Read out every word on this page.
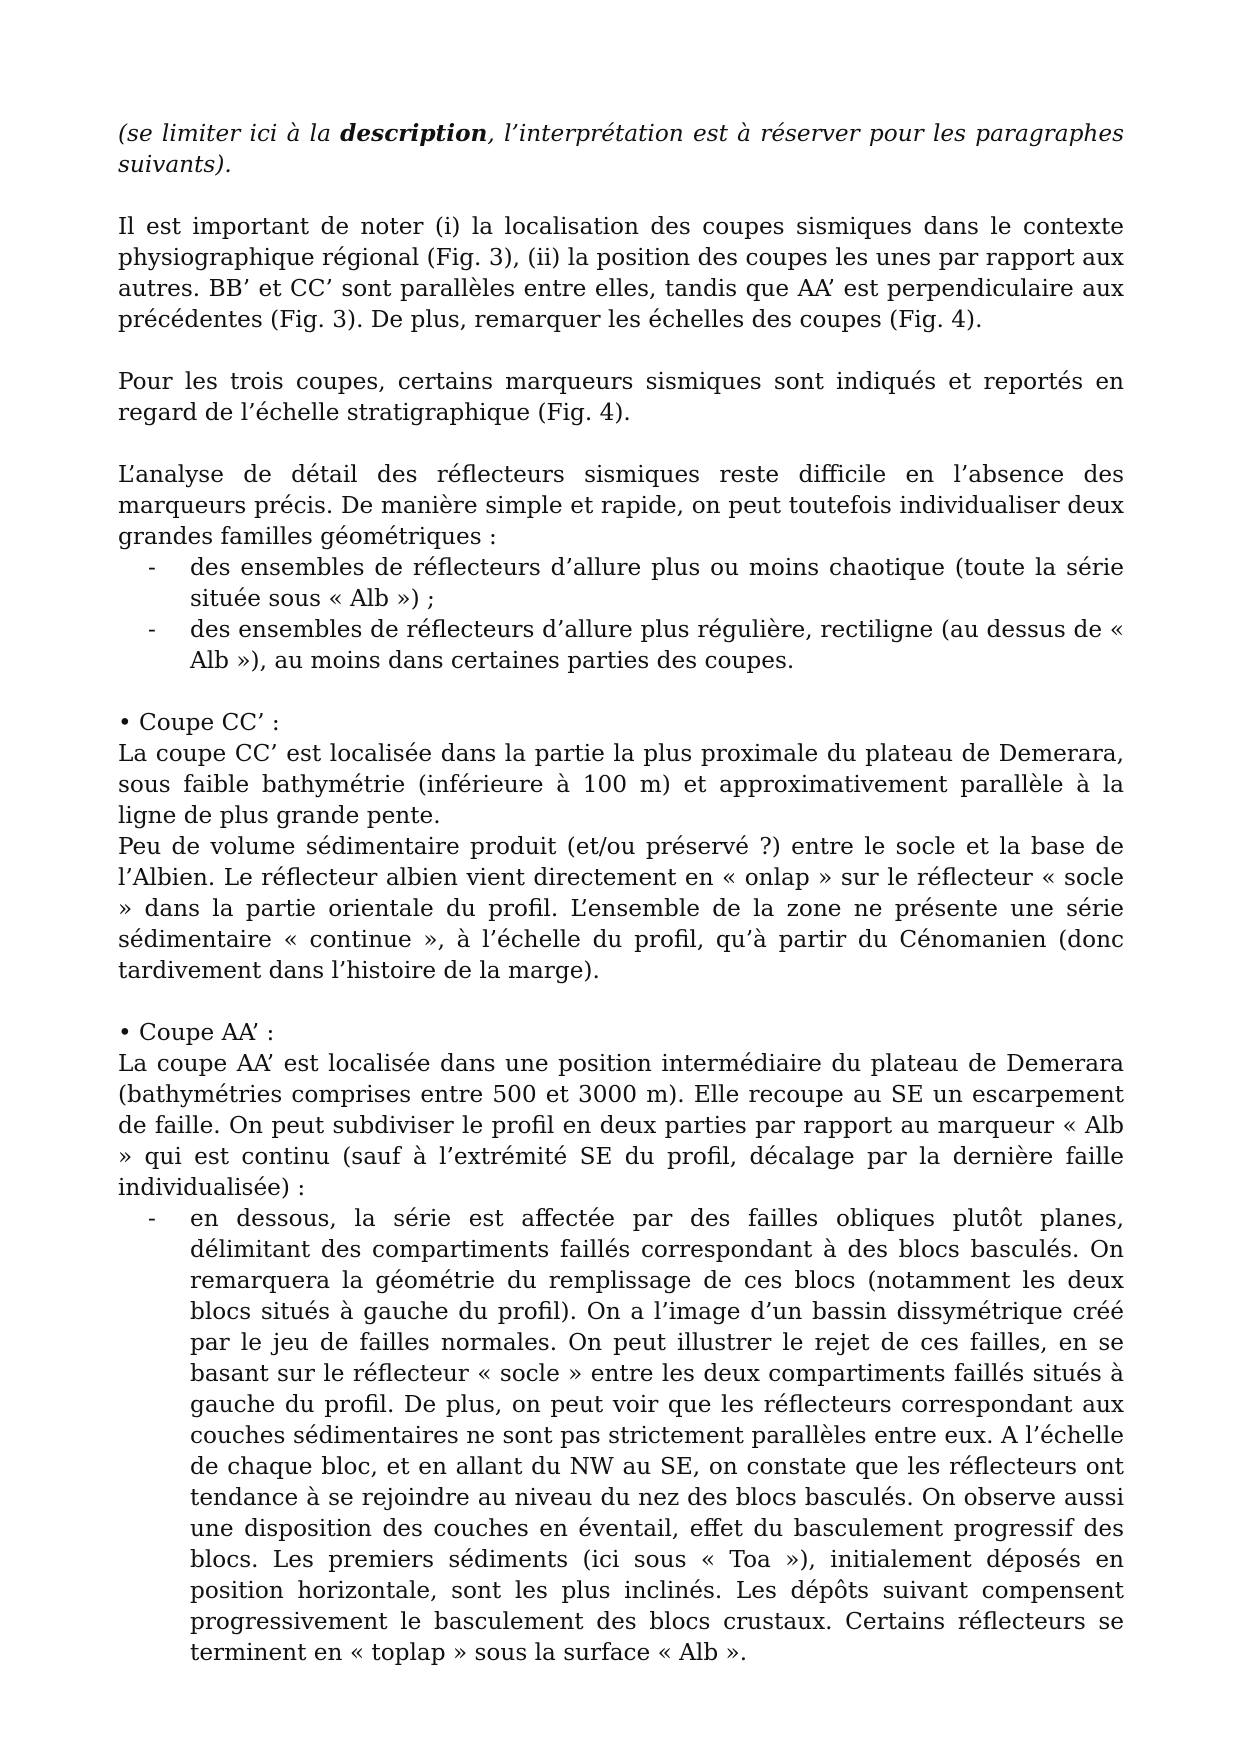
(se limiter ici à la description, l’interprétation est à réserver pour les paragraphes suivants).

Il est important de noter (i) la localisation des coupes sismiques dans le contexte physiographique régional (Fig. 3), (ii) la position des coupes les unes par rapport aux autres. BB’ et CC’ sont parallèles entre elles, tandis que AA’ est perpendiculaire aux précédentes (Fig. 3). De plus, remarquer les échelles des coupes (Fig. 4).

Pour les trois coupes, certains marqueurs sismiques sont indiqués et reportés en regard de l’échelle stratigraphique (Fig. 4).

L’analyse de détail des réflecteurs sismiques reste difficile en l’absence des marqueurs précis. De manière simple et rapide, on peut toutefois individualiser deux grandes familles géométriques :

- des ensembles de réflecteurs d’allure plus ou moins chaotique (toute la série située sous « Alb ») ;
- des ensembles de réflecteurs d’allure plus régulière, rectiligne (au dessus de « Alb »), au moins dans certaines parties des coupes.

• Coupe CC’ :

La coupe CC’ est localisée dans la partie la plus proximale du plateau de Demerara, sous faible bathymétrie (inférieure à 100 m) et approximativement parallèle à la ligne de plus grande pente.

Peu de volume sédimentaire produit (et/ou préservé ?) entre le socle et la base de l’Albien. Le réflecteur albien vient directement en « onlap » sur le réflecteur « socle » dans la partie orientale du profil. L’ensemble de la zone ne présente une série sédimentaire « continue », à l’échelle du profil, qu’à partir du Cénomanien (donc tardivement dans l’histoire de la marge).

• Coupe AA’ :

La coupe AA’ est localisée dans une position intermédiaire du plateau de Demerara (bathymétries comprises entre 500 et 3000 m). Elle recoupe au SE un escarpement de faille. On peut subdiviser le profil en deux parties par rapport au marqueur « Alb » qui est continu (sauf à l’extrémité SE du profil, décalage par la dernière faille individualisée) :

- en dessous, la série est affectée par des failles obliques plutôt planes, délimitant des compartiments faillés correspondant à des blocs basculés. On remarquera la géométrie du remplissage de ces blocs (notamment les deux blocs situés à gauche du profil). On a l’image d’un bassin dissymétrique créé par le jeu de failles normales. On peut illustrer le rejet de ces failles, en se basant sur le réflecteur « socle » entre les deux compartiments faillés situés à gauche du profil. De plus, on peut voir que les réflecteurs correspondant aux couches sédimentaires ne sont pas strictement parallèles entre eux. A l’échelle de chaque bloc, et en allant du NW au SE, on constate que les réflecteurs ont tendance à se rejoindre au niveau du nez des blocs basculés. On observe aussi une disposition des couches en éventail, effet du basculement progressif des blocs. Les premiers sédiments (ici sous « Toa »), initialement déposés en position horizontale, sont les plus inclinés. Les dépôts suivant compensent progressivement le basculement des blocs crustaux. Certains réflecteurs se terminent en « toplap » sous la surface « Alb ».
